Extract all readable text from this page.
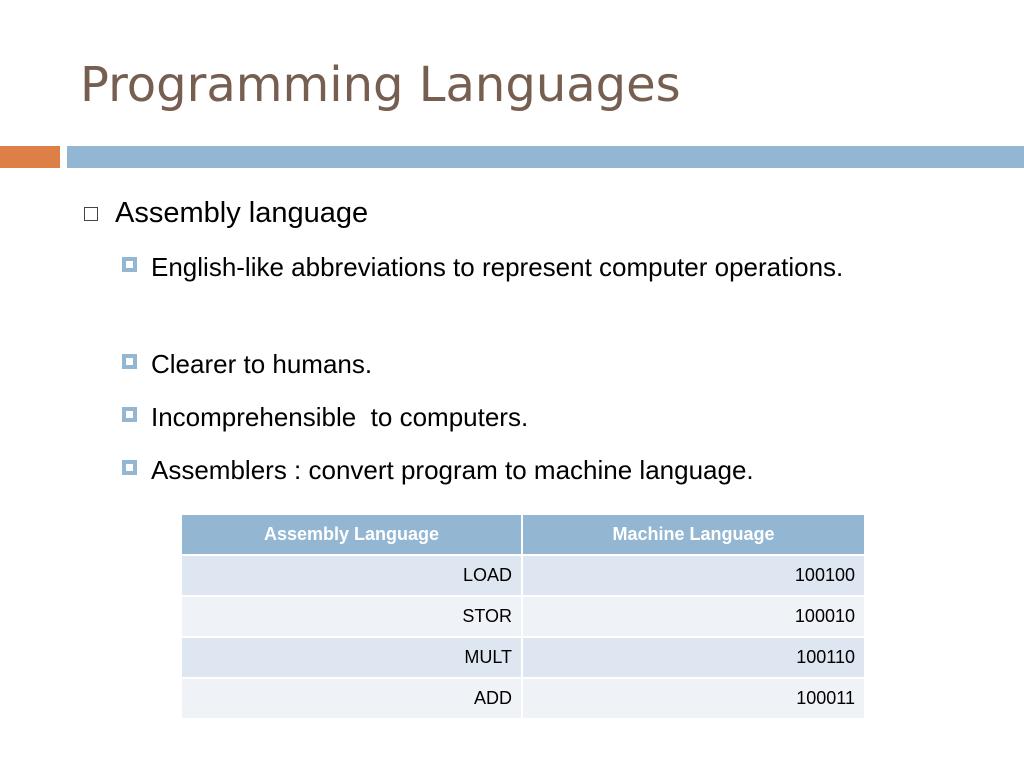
Programming Languages
Assembly language
English-like abbreviations to represent computer operations.
Clearer to humans.
Incomprehensible  to computers.
Assemblers : convert program to machine language.
Assembly Language	Machine Language
LOAD	100100
STOR	100010
MULT	100110
ADD	100011
